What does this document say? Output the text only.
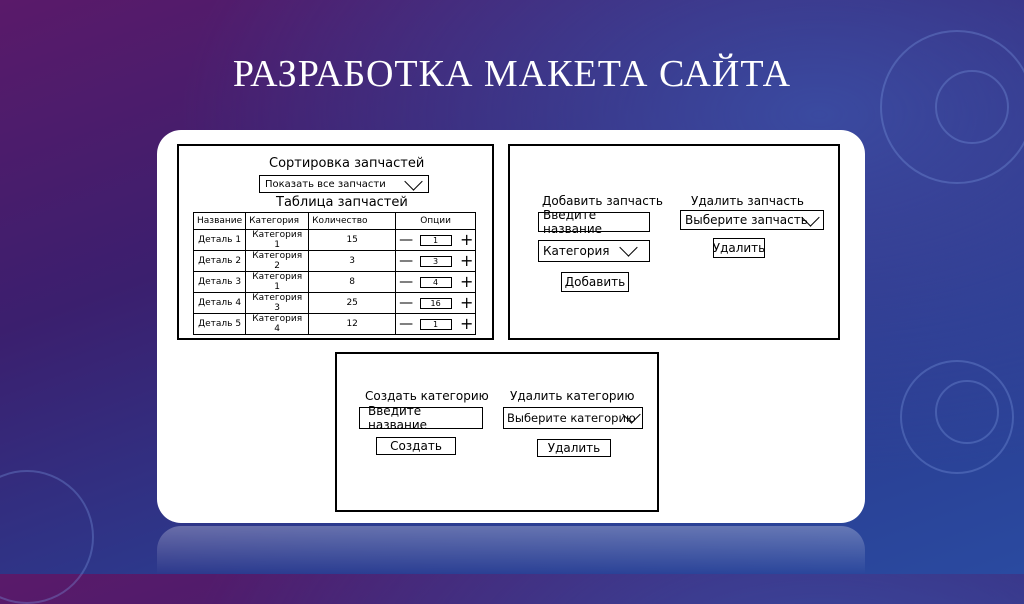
РАЗРАБОТКА МАКЕТА САЙТА
Сортировка запчастей
Показать все запчасти
Таблица запчастей
Название	Категория	Количество	Опции
Деталь 1	Категория 1	15	— 1 +

Деталь 2	Категория 2	3	— 3 +

Деталь 3	Категория 1	8	— 4 +

Деталь 4	Категория 3	25	— 16 +

Деталь 5	Категория 4	12	— 1 +
Добавить запчасть
Введите название
Категория
Добавить
Удалить запчасть
Выберите запчасть
Удалить
Создать категорию
Введите название
Создать
Удалить категорию
Выберите категорию
Удалить
